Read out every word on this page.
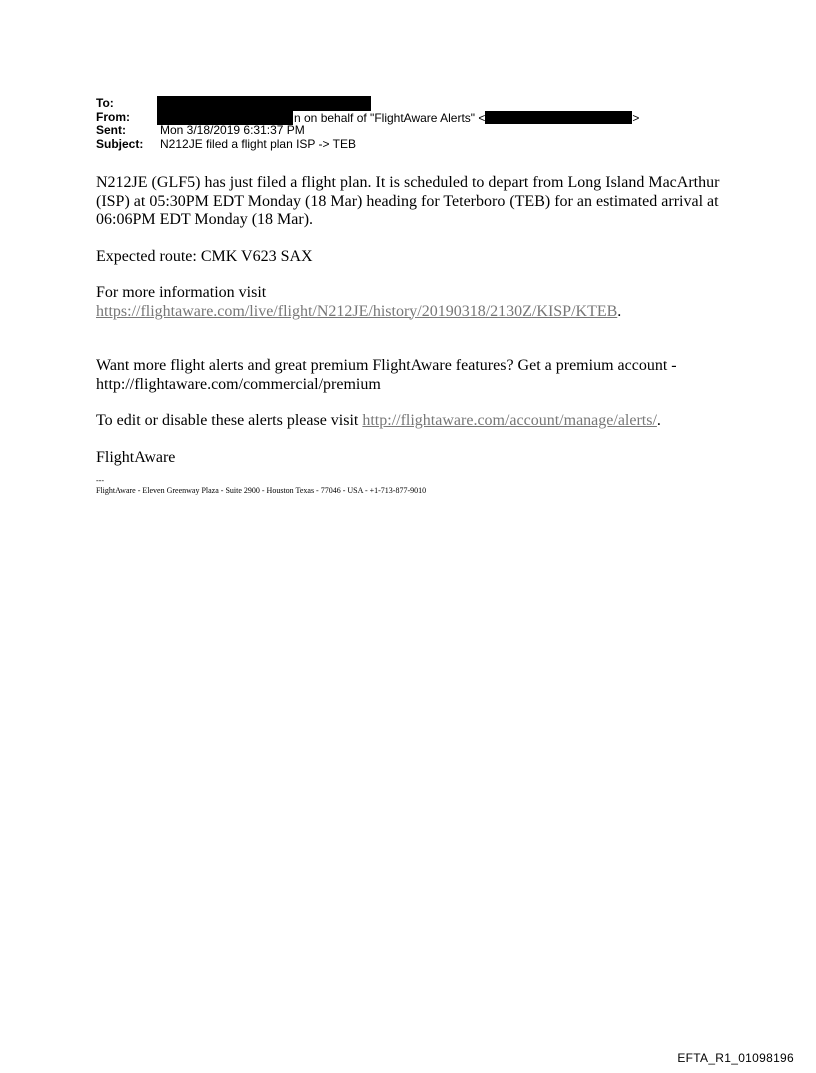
To:
From:	n on behalf of "FlightAware Alerts" <	>
Sent:	Mon 3/18/2019 6:31:37 PM
Subject: N212JE filed a flight plan ISP -> TEB

N212JE (GLF5) has just filed a flight plan. It is scheduled to depart from Long Island MacArthur (ISP) at 05:30PM EDT Monday (18 Mar) heading for Teterboro (TEB) for an estimated arrival at 06:06PM EDT Monday (18 Mar).

Expected route: CMK V623 SAX

For more information visit
https://flightaware.com/live/flight/N212JE/history/20190318/2130Z/KISP/KTEB.

Want more flight alerts and great premium FlightAware features? Get a premium account - http://flightaware.com/commercial/premium

To edit or disable these alerts please visit http://flightaware.com/account/manage/alerts/.

FlightAware

---
FlightAware - Eleven Greenway Plaza - Suite 2900 - Houston Texas - 77046 - USA - +1-713-877-9010
EFTA_R1_01098196
